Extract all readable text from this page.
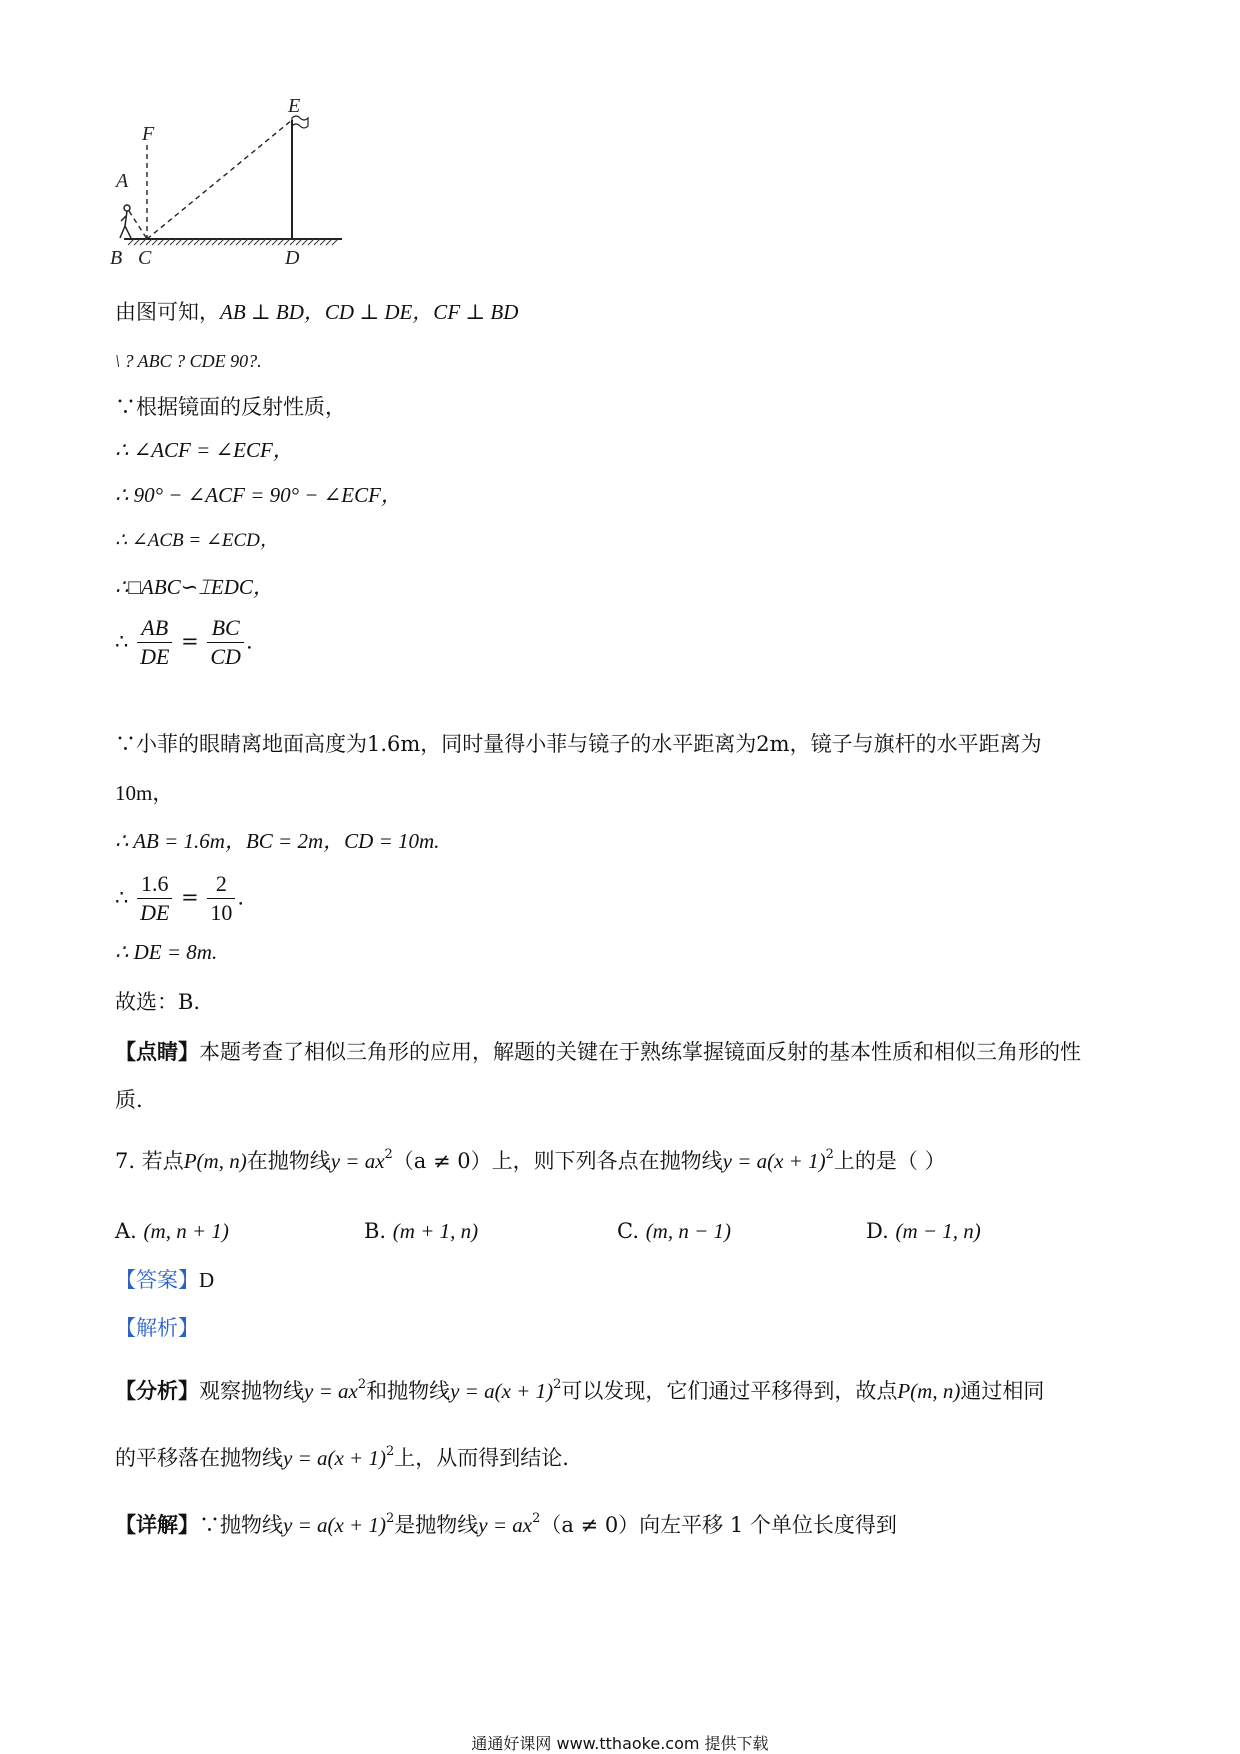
E
F
A
B C	D
由图可知，AB ⊥ BD，CD ⊥ DE，CF ⊥ BD
\ ? ABC ? CDE 90?.
∵根据镜面的反射性质，
∴ ∠ACF = ∠ECF，
∴ 90° − ∠ACF = 90° − ∠ECF，
∴ ∠ACB = ∠ECD，
∴□ABC∽⌶EDC，
∴ $\frac{AB}{DE} = \frac{BC}{CD}$ .
∵小菲的眼睛离地面高度为1.6m，同时量得小菲与镜子的水平距离为2m，镜子与旗杆的水平距离为
10m，
∴ AB = 1.6m，BC = 2m，CD = 10m.
∴ $\frac{1.6}{DE} = \frac{2}{10}$ .
∴ DE = 8m.
故选：B.
【点睛】本题考查了相似三角形的应用，解题的关键在于熟练掌握镜面反射的基本性质和相似三角形的性
质.
7. 若点P(m, n)在抛物线$y = ax^2(a \ne 0)$上，则下列各点在抛物线$y = a(x + 1)^2$上的是（ ）
A. (m, n + 1)	B. (m + 1, n)	C. (m, n − 1)	D. (m − 1, n)
【答案】D
【解析】
【分析】观察抛物线$y = ax^2$和抛物线$y = a(x + 1)^2$可以发现，它们通过平移得到，故点P(m, n)通过相同
的平移落在抛物线$y = a(x + 1)^2$上，从而得到结论.
【详解】∵抛物线$y = a(x + 1)^2$是抛物线$y = ax^2(a \ne 0)$向左平移 1 个单位长度得到
通通好课网 www.tthaoke.com 提供下载
